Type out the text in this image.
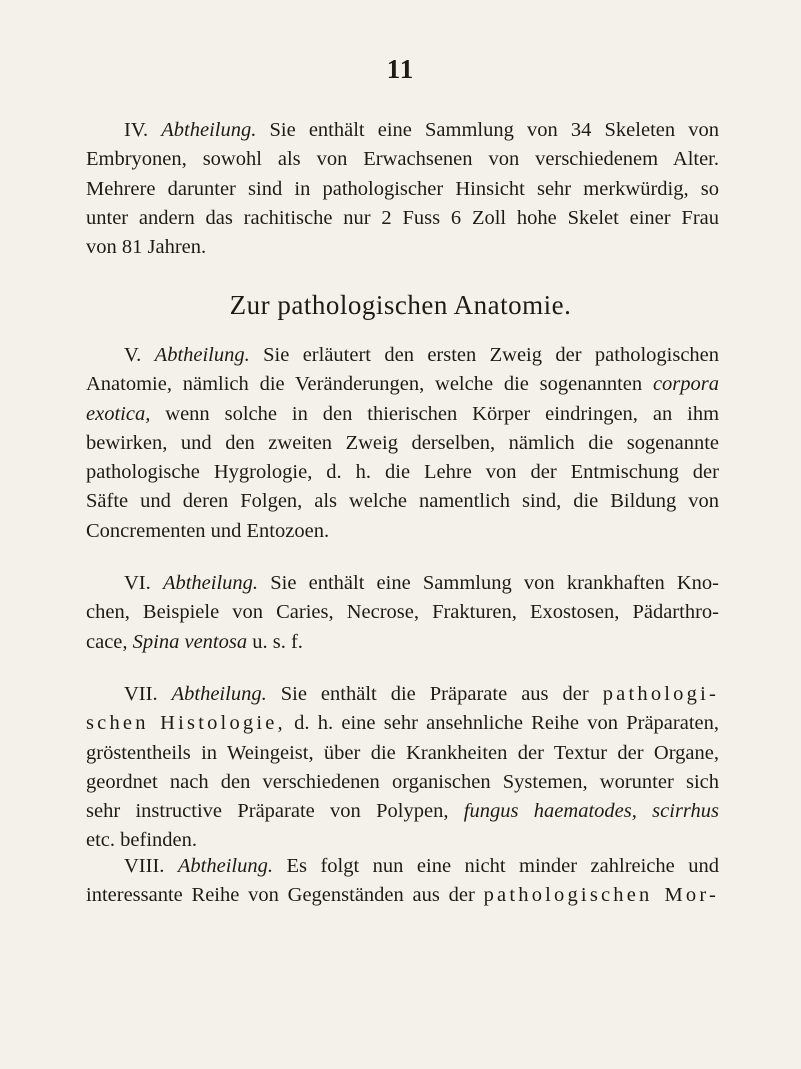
11
IV. Abtheilung. Sie enthält eine Sammlung von 34 Skeleten von
Embryonen, sowohl als von Erwachsenen von verschiedenem Alter.
Mehrere darunter sind in pathologischer Hinsicht sehr merkwürdig, so
unter andern das rachitische nur 2 Fuss 6 Zoll hohe Skelet einer Frau
von 81 Jahren.
Zur pathologischen Anatomie.
V. Abtheilung. Sie erläutert den ersten Zweig der pathologischen
Anatomie, nämlich die Veränderungen, welche die sogenannten corpora
exotica, wenn solche in den thierischen Körper eindringen, an ihm
bewirken, und den zweiten Zweig derselben, nämlich die sogenannte
pathologische Hygrologie, d. h. die Lehre von der Entmischung der
Säfte und deren Folgen, als welche namentlich sind, die Bildung von
Concrementen und Entozoen.
VI. Abtheilung. Sie enthält eine Sammlung von krankhaften Kno-
chen, Beispiele von Caries, Necrose, Frakturen, Exostosen, Pädarthro-
cace, Spina ventosa u. s. f.
VII. Abtheilung. Sie enthält die Präparate aus der pathologi-
schen Histologie, d. h. eine sehr ansehnliche Reihe von Präparaten,
gröstentheils in Weingeist, über die Krankheiten der Textur der Organe,
geordnet nach den verschiedenen organischen Systemen, worunter sich
sehr instructive Präparate von Polypen, fungus haematodes, scirrhus
etc. befinden.
VIII. Abtheilung. Es folgt nun eine nicht minder zahlreiche und
interessante Reihe von Gegenständen aus der pathologischen Mor-
